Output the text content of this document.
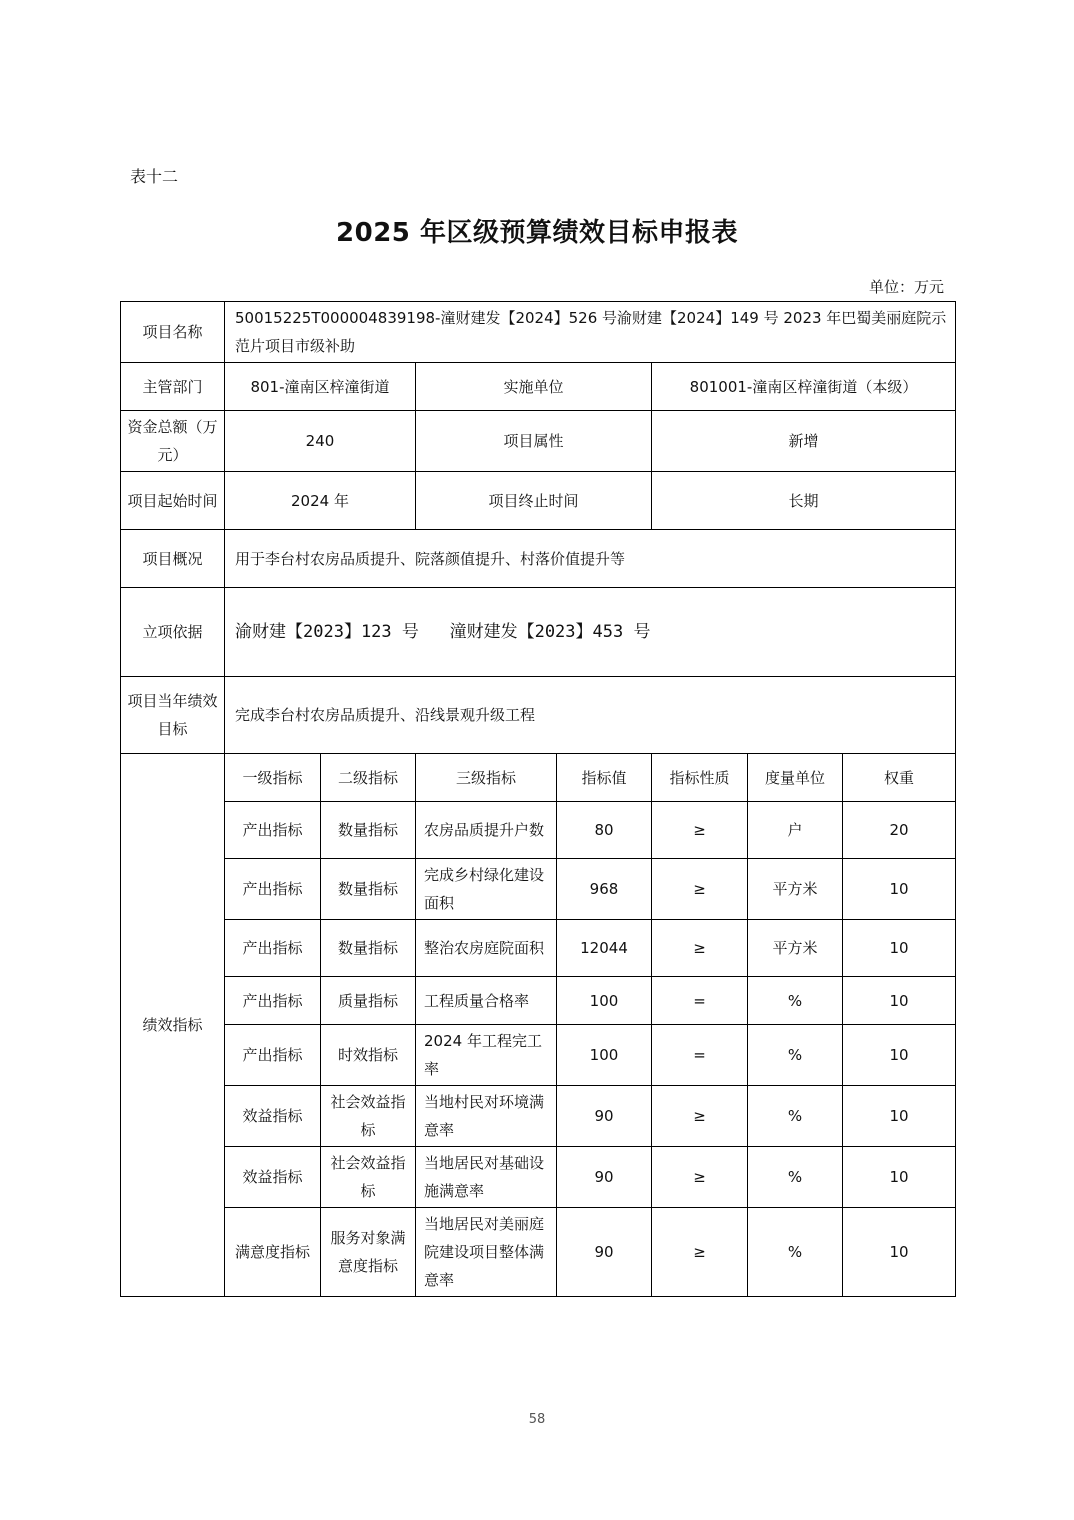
表十二
2025 年区级预算绩效目标申报表
单位：万元
项目名称	50015225T000004839198-潼财建发【2024】526 号渝财建【2024】149 号 2023 年巴蜀美丽庭院示范片项目市级补助						
主管部门	801-潼南区梓潼街道		实施单位		801001-潼南区梓潼街道（本级）		
资金总额（万元）	240		项目属性		新增		
项目起始时间	2024 年		项目终止时间		长期		
项目概况	用于李台村农房品质提升、院落颜值提升、村落价值提升等						
立项依据	渝财建【2023】123 号   潼财建发【2023】453 号						
项目当年绩效目标	完成李台村农房品质提升、沿线景观升级工程						
绩效指标	一级指标	二级指标	三级指标	指标值	指标性质	度量单位	权重
	产出指标	数量指标	农房品质提升户数	80	≥	户	20
	产出指标	数量指标	完成乡村绿化建设面积	968	≥	平方米	10
	产出指标	数量指标	整治农房庭院面积	12044	≥	平方米	10
	产出指标	质量指标	工程质量合格率	100	=	%	10
	产出指标	时效指标	2024 年工程完工率	100	=	%	10
	效益指标	社会效益指标	当地村民对环境满意率	90	≥	%	10
	效益指标	社会效益指标	当地居民对基础设施满意率	90	≥	%	10
	满意度指标	服务对象满意度指标	当地居民对美丽庭院建设项目整体满意率	90	≥	%	10
58
